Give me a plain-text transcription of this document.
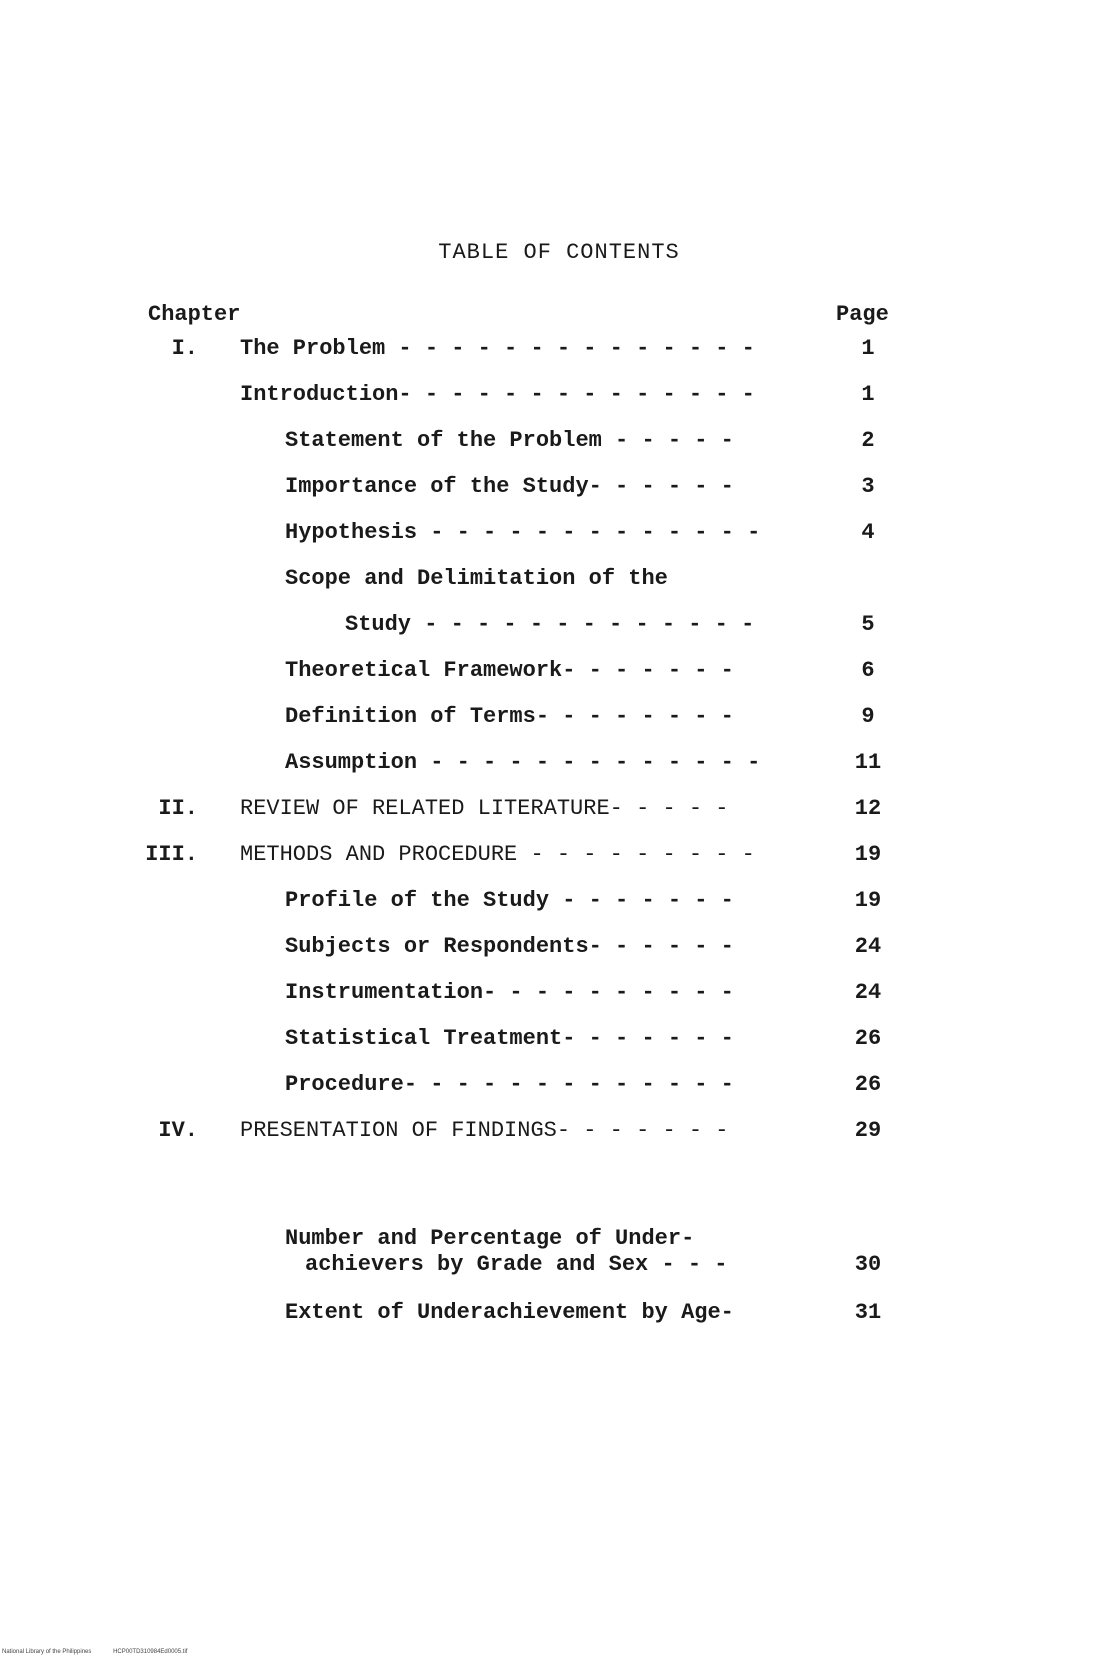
TABLE OF CONTENTS
Chapter	Page
I. The Problem - - - - - - - - - - - - - -	1
Introduction- - - - - - - - - - - - - -	1
Statement of the Problem - - - - -	2
Importance of the Study- - - - - -	3
Hypothesis - - - - - - - - - - - - -	4
Scope and Delimitation of the
Study - - - - - - - - - - - - -	5
Theoretical Framework- - - - - - -	6
Definition of Terms- - - - - - - -	9
Assumption - - - - - - - - - - - - -	11
II. REVIEW OF RELATED LITERATURE- - - - -	12
III. METHODS AND PROCEDURE - - - - - - - - -	19
Profile of the Study - - - - - - -	19
Subjects or Respondents- - - - - -	24
Instrumentation- - - - - - - - - -	24
Statistical Treatment- - - - - - -	26
Procedure- - - - - - - - - - - - -	26
IV. PRESENTATION OF FINDINGS- - - - - - -	29
Number and Percentage of Under-
achievers by Grade and Sex - - -	30
Extent of Underachievement by Age-	31
National Library of the Philippines	HCP00TD310984Ed0005.tif
